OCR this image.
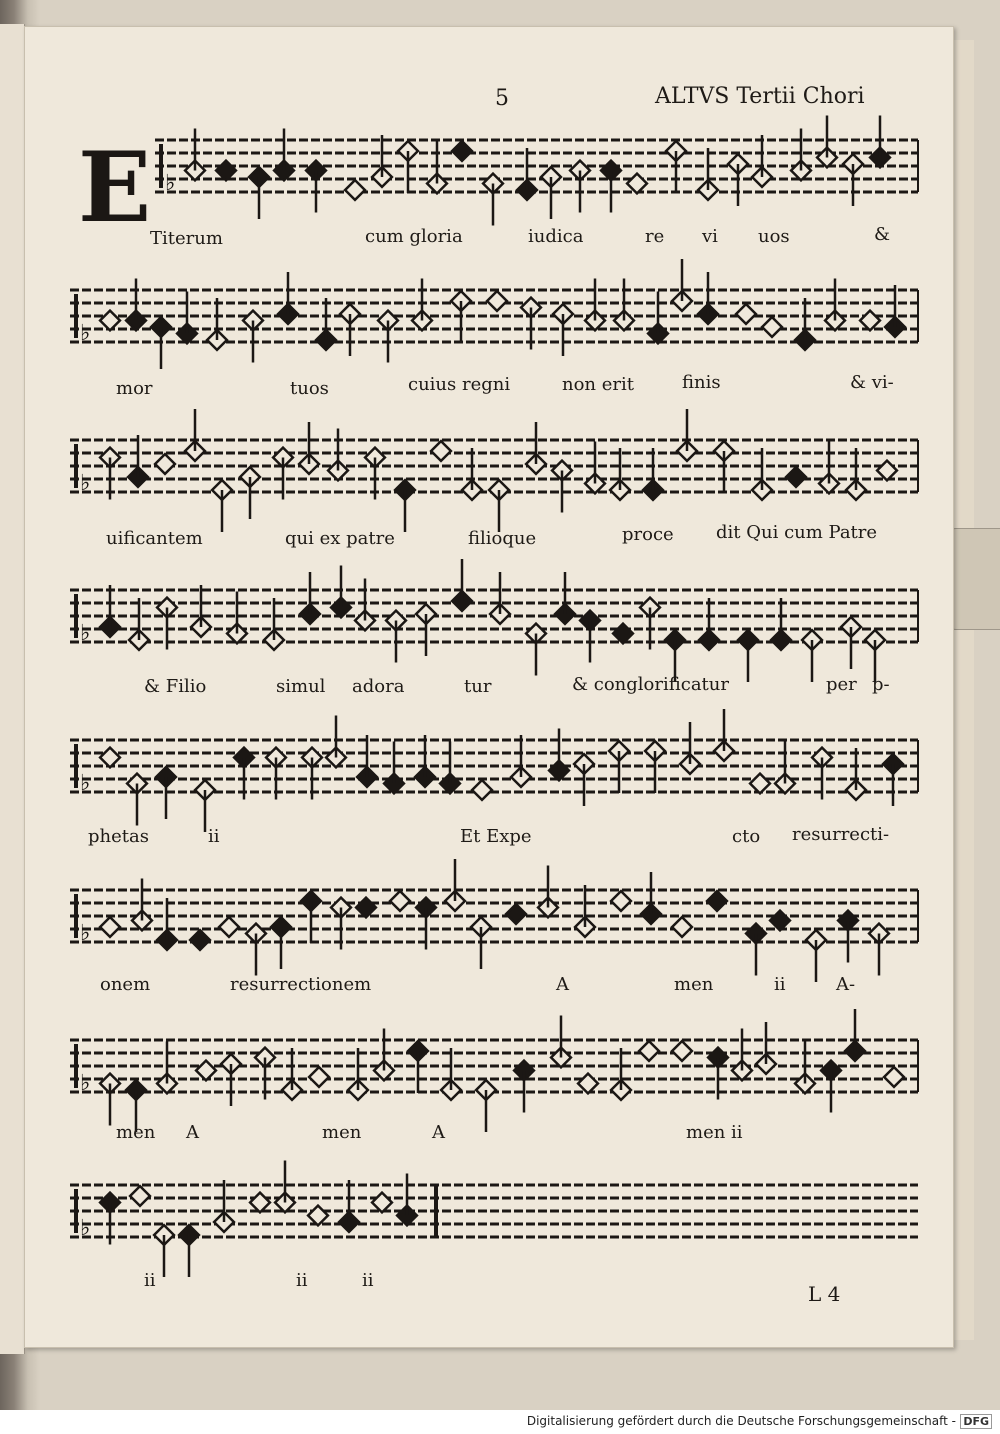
5	ALTVS Tertii Chori
E ♭
♭
♭
♭
♭
♭
♭
♭
Titerum	cum gloria	iudica	re vi uos	&
mor	tuos	cuius regni	non erit	finis	& vi-
uificantem	qui ex patre	filioque	proce dit Qui cum Patre
& Filio	simul adora	tur	& conglorificatur	per p-
phetas	ii	Et Expe	cto resurrecti-
onem	resurrectionem	A	men	ii	A-
men A	men	A	men ii
ii	ii	ii
L 4
Digitalisierung gefördert durch die Deutsche Forschungsgemeinschaft - DFG
